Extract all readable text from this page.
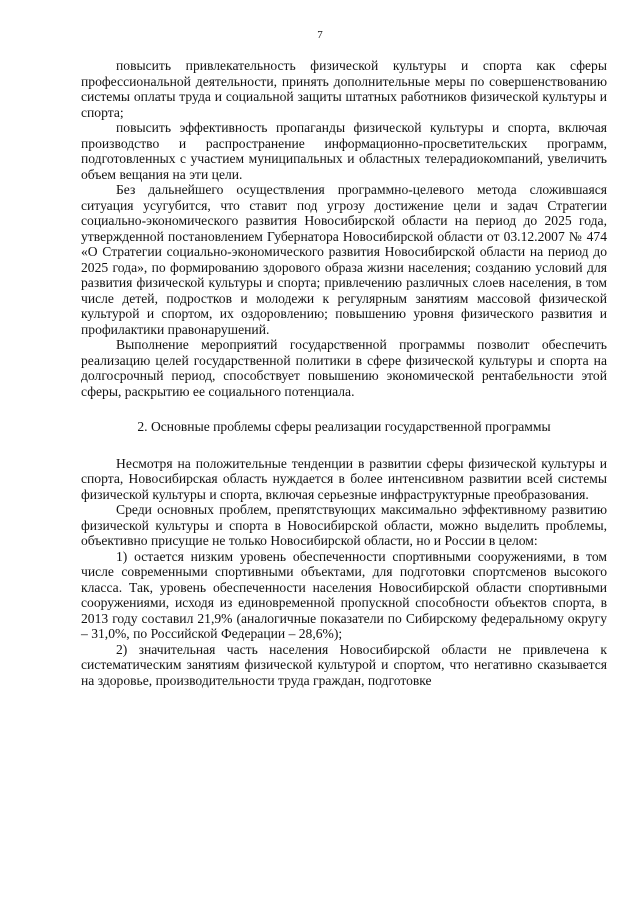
7

повысить привлекательность физической культуры и спорта как сферы профессиональной деятельности, принять дополнительные меры по совершенствованию системы оплаты труда и социальной защиты штатных работников физической культуры и спорта;

повысить эффективность пропаганды физической культуры и спорта, включая производство и распространение информационно-просветительских программ, подготовленных с участием муниципальных и областных телерадиокомпаний, увеличить объем вещания на эти цели.

Без дальнейшего осуществления программно-целевого метода сложившаяся ситуация усугубится, что ставит под угрозу достижение цели и задач Стратегии социально-экономического развития Новосибирской области на период до 2025 года, утвержденной постановлением Губернатора Новосибирской области от 03.12.2007 № 474 «О Стратегии социально-экономического развития Новосибирской области на период до 2025 года», по формированию здорового образа жизни населения; созданию условий для развития физической культуры и спорта; привлечению различных слоев населения, в том числе детей, подростков и молодежи к регулярным занятиям массовой физической культурой и спортом, их оздоровлению; повышению уровня физического развития и профилактики правонарушений.

Выполнение мероприятий государственной программы позволит обеспечить реализацию целей государственной политики в сфере физической культуры и спорта на долгосрочный период, способствует повышению экономической рентабельности этой сферы, раскрытию ее социального потенциала.

2. Основные проблемы сферы реализации государственной программы

Несмотря на положительные тенденции в развитии сферы физической культуры и спорта, Новосибирская область нуждается в более интенсивном развитии всей системы физической культуры и спорта, включая серьезные инфраструктурные преобразования.

Среди основных проблем, препятствующих максимально эффективному развитию физической культуры и спорта в Новосибирской области, можно выделить проблемы, объективно присущие не только Новосибирской области, но и России в целом:

1) остается низким уровень обеспеченности спортивными сооружениями, в том числе современными спортивными объектами, для подготовки спортсменов высокого класса. Так, уровень обеспеченности населения Новосибирской области спортивными сооружениями, исходя из единовременной пропускной способности объектов спорта, в 2013 году составил 21,9% (аналогичные показатели по Сибирскому федеральному округу – 31,0%, по Российской Федерации – 28,6%);

2) значительная часть населения Новосибирской области не привлечена к систематическим занятиям физической культурой и спортом, что негативно сказывается на здоровье, производительности труда граждан, подготовке
